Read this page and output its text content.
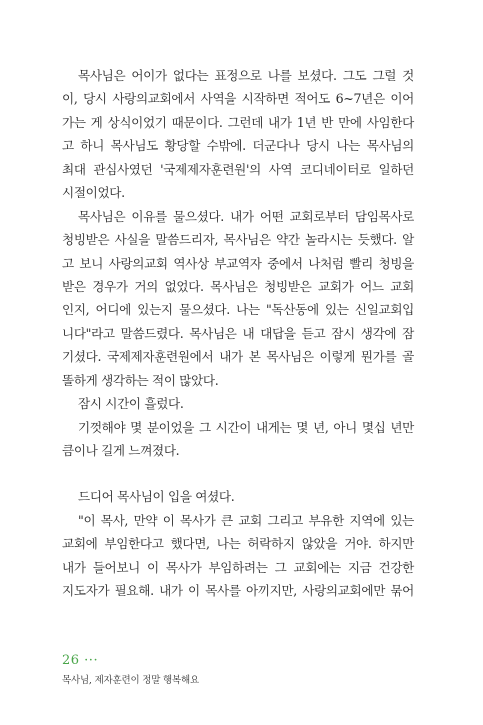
목사님은 어이가 없다는 표정으로 나를 보셨다. 그도 그럴 것
이, 당시 사랑의교회에서 사역을 시작하면 적어도 6~7년은 이어
가는 게 상식이었기 때문이다. 그런데 내가 1년 반 만에 사임한다
고 하니 목사님도 황당할 수밖에. 더군다나 당시 나는 목사님의
최대 관심사였던 '국제제자훈련원'의 사역 코디네이터로 일하던
시절이었다.
목사님은 이유를 물으셨다. 내가 어떤 교회로부터 담임목사로
청빙받은 사실을 말씀드리자, 목사님은 약간 놀라시는 듯했다. 알
고 보니 사랑의교회 역사상 부교역자 중에서 나처럼 빨리 청빙을
받은 경우가 거의 없었다. 목사님은 청빙받은 교회가 어느 교회
인지, 어디에 있는지 물으셨다. 나는 "독산동에 있는 신일교회입
니다"라고 말씀드렸다. 목사님은 내 대답을 듣고 잠시 생각에 잠
기셨다. 국제제자훈련원에서 내가 본 목사님은 이렇게 뭔가를 골
똘하게 생각하는 적이 많았다.
잠시 시간이 흘렀다.
기껏해야 몇 분이었을 그 시간이 내게는 몇 년, 아니 몇십 년만
큼이나 길게 느껴졌다.
드디어 목사님이 입을 여셨다.
"이 목사, 만약 이 목사가 큰 교회 그리고 부유한 지역에 있는
교회에 부임한다고 했다면, 나는 허락하지 않았을 거야. 하지만
내가 들어보니 이 목사가 부임하려는 그 교회에는 지금 건강한
지도자가 필요해. 내가 이 목사를 아끼지만, 사랑의교회에만 묶어
26 ···
목사님, 제자훈련이 정말 행복해요
